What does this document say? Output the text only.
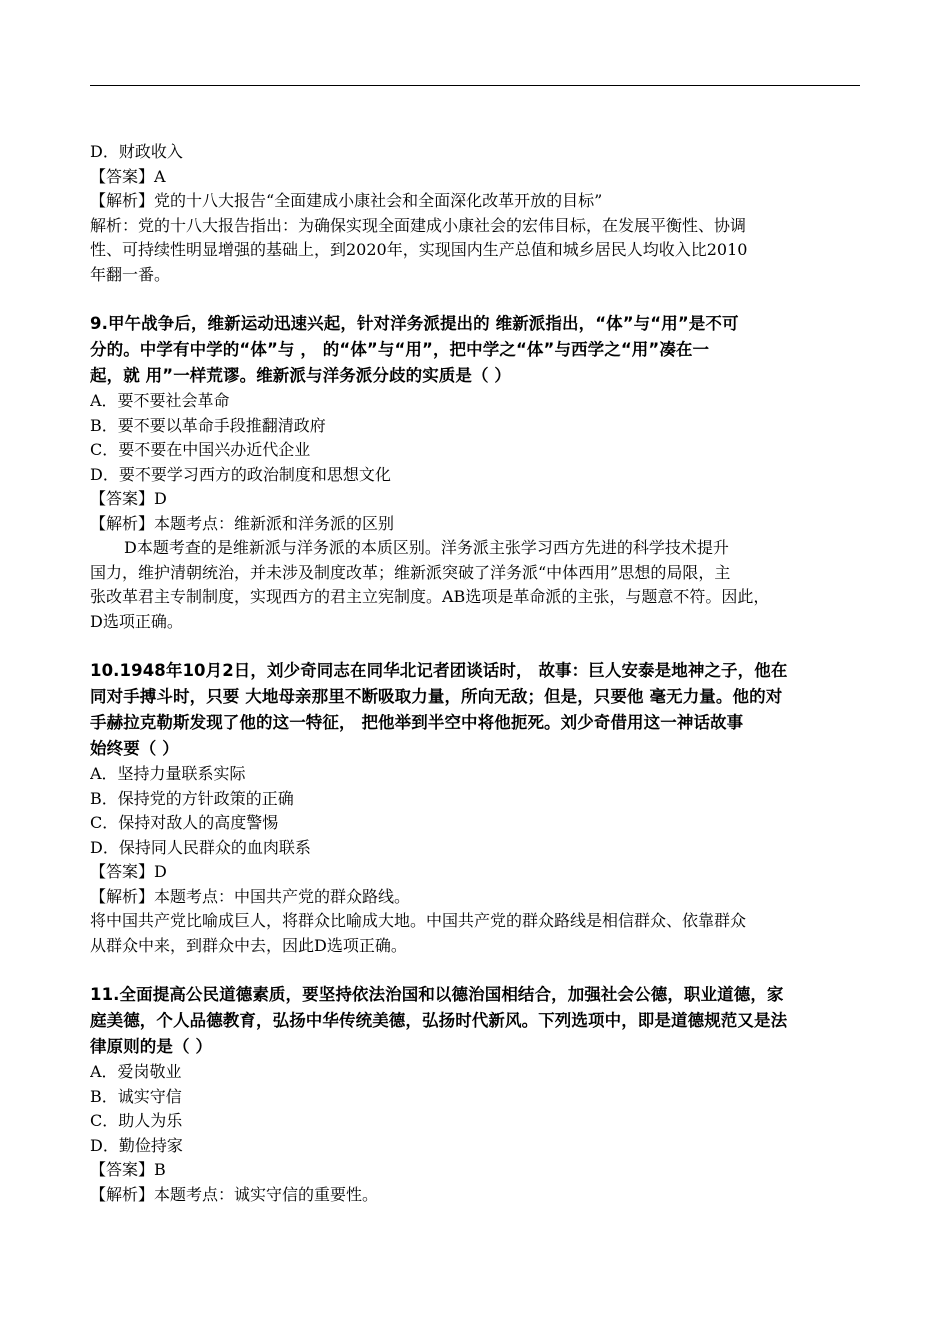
D．财政收入
【答案】A
【解析】党的十八大报告“全面建成小康社会和全面深化改革开放的目标”
解析：党的十八大报告指出：为确保实现全面建成小康社会的宏伟目标，在发展平衡性、协调
性、可持续性明显增强的基础上，到2020年，实现国内生产总值和城乡居民人均收入比2010
年翻一番。
9.甲午战争后，维新运动迅速兴起，针对洋务派提出的 维新派指出，“体”与“用”是不可
分的。中学有中学的“体”与 ， 的“体”与“用”，把中学之“体”与西学之“用”凑在一
起，就 用”一样荒谬。维新派与洋务派分歧的实质是（ ）
A．要不要社会革命
B．要不要以革命手段推翻清政府
C．要不要在中国兴办近代企业
D．要不要学习西方的政治制度和思想文化
【答案】D
【解析】本题考点：维新派和洋务派的区别
D本题考查的是维新派与洋务派的本质区别。洋务派主张学习西方先进的科学技术提升
国力，维护清朝统治，并未涉及制度改革；维新派突破了洋务派“中体西用”思想的局限，主
张改革君主专制制度，实现西方的君主立宪制度。AB选项是革命派的主张，与题意不符。因此，
D选项正确。
10.1948年10月2日，刘少奇同志在同华北记者团谈话时， 故事：巨人安泰是地神之子，他在
同对手搏斗时，只要 大地母亲那里不断吸取力量，所向无敌；但是，只要他 毫无力量。他的对
手赫拉克勒斯发现了他的这一特征， 把他举到半空中将他扼死。刘少奇借用这一神话故事
始终要（ ）
A．坚持力量联系实际
B．保持党的方针政策的正确
C．保持对敌人的高度警惕
D．保持同人民群众的血肉联系
【答案】D
【解析】本题考点：中国共产党的群众路线。
将中国共产党比喻成巨人，将群众比喻成大地。中国共产党的群众路线是相信群众、依靠群众
从群众中来，到群众中去，因此D选项正确。
11.全面提高公民道德素质，要坚持依法治国和以德治国相结合，加强社会公德，职业道德，家
庭美德，个人品德教育，弘扬中华传统美德，弘扬时代新风。下列选项中，即是道德规范又是法
律原则的是（ ）
A．爱岗敬业
B．诚实守信
C．助人为乐
D．勤俭持家
【答案】B
【解析】本题考点：诚实守信的重要性。
